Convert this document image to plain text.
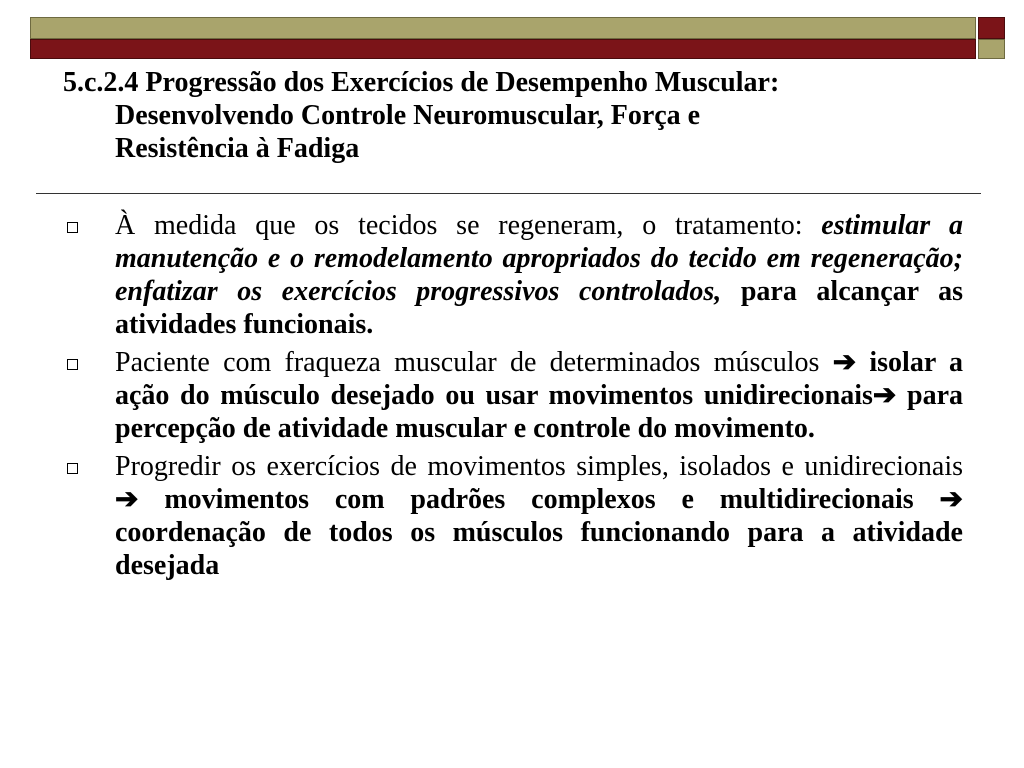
5.c.2.4 Progressão dos Exercícios de Desempenho Muscular:
Desenvolvendo Controle Neuromuscular, Força e
Resistência à Fadiga
À medida que os tecidos se regeneram, o tratamento: estimular a manutenção e o remodelamento apropriados do tecido em regeneração; enfatizar os exercícios progressivos controlados, para alcançar as atividades funcionais.
Paciente com fraqueza muscular de determinados músculos ➔ isolar a ação do músculo desejado ou usar movimentos unidirecionais➔ para percepção de atividade muscular e controle do movimento.
Progredir os exercícios de movimentos simples, isolados e unidirecionais ➔ movimentos com padrões complexos e multidirecionais ➔ coordenação de todos os músculos funcionando para a atividade desejada
